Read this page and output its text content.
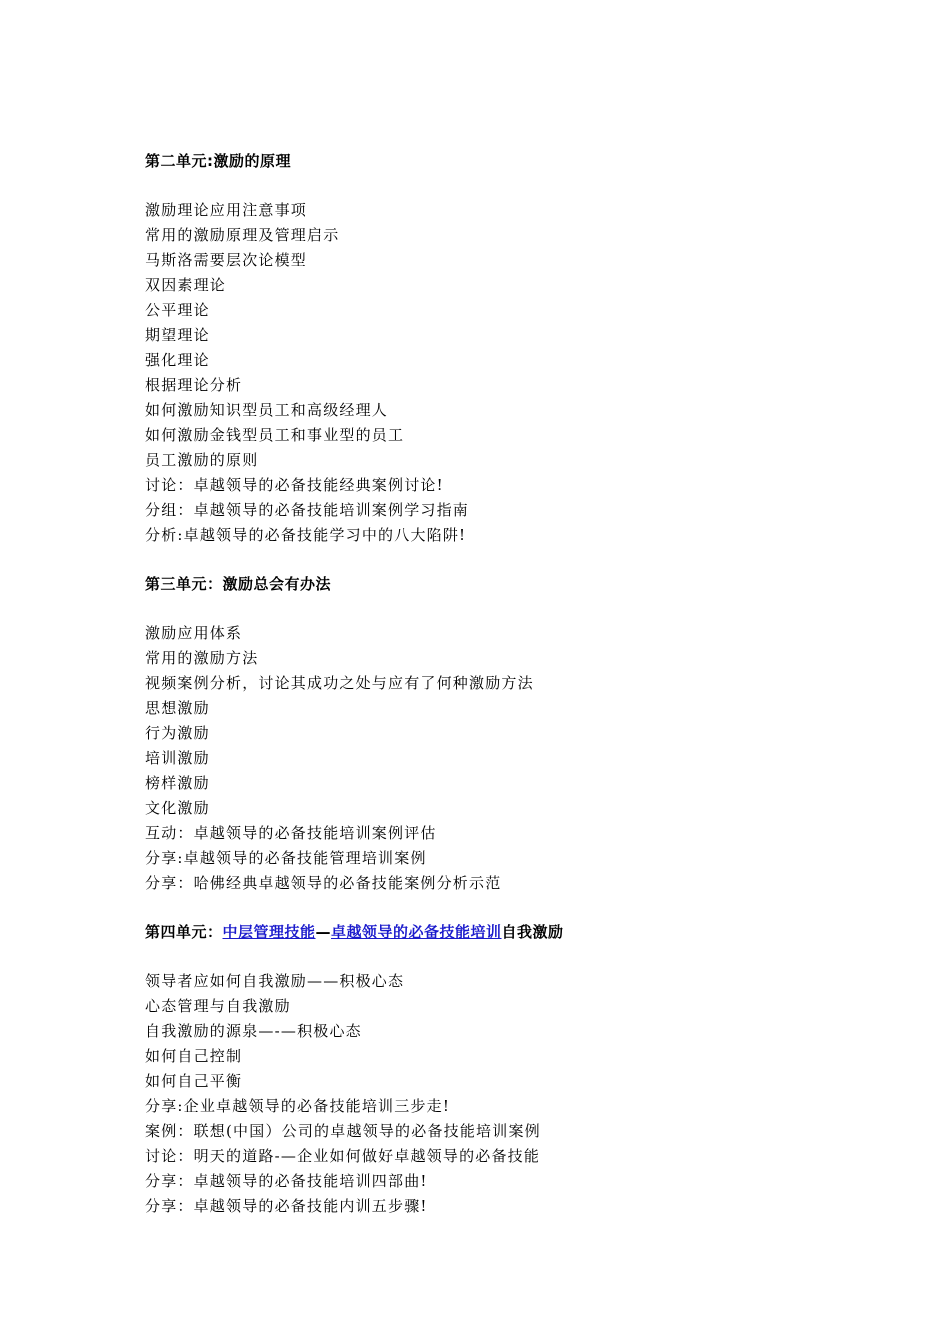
第二单元:激励的原理
激励理论应用注意事项
常用的激励原理及管理启示
马斯洛需要层次论模型
双因素理论
公平理论
期望理论
强化理论
根据理论分析
如何激励知识型员工和高级经理人
如何激励金钱型员工和事业型的员工
员工激励的原则
讨论：卓越领导的必备技能经典案例讨论!
分组：卓越领导的必备技能培训案例学习指南
分析:卓越领导的必备技能学习中的八大陷阱!
第三单元：激励总会有办法
激励应用体系
常用的激励方法
视频案例分析，讨论其成功之处与应有了何种激励方法
思想激励
行为激励
培训激励
榜样激励
文化激励
互动：卓越领导的必备技能培训案例评估
分享:卓越领导的必备技能管理培训案例
分享：哈佛经典卓越领导的必备技能案例分析示范
第四单元：中层管理技能—卓越领导的必备技能培训自我激励
领导者应如何自我激励——积极心态
心态管理与自我激励
自我激励的源泉—-—积极心态
如何自己控制
如何自己平衡
分享:企业卓越领导的必备技能培训三步走!
案例：联想(中国）公司的卓越领导的必备技能培训案例
讨论：明天的道路-—企业如何做好卓越领导的必备技能
分享：卓越领导的必备技能培训四部曲!
分享：卓越领导的必备技能内训五步骤!
